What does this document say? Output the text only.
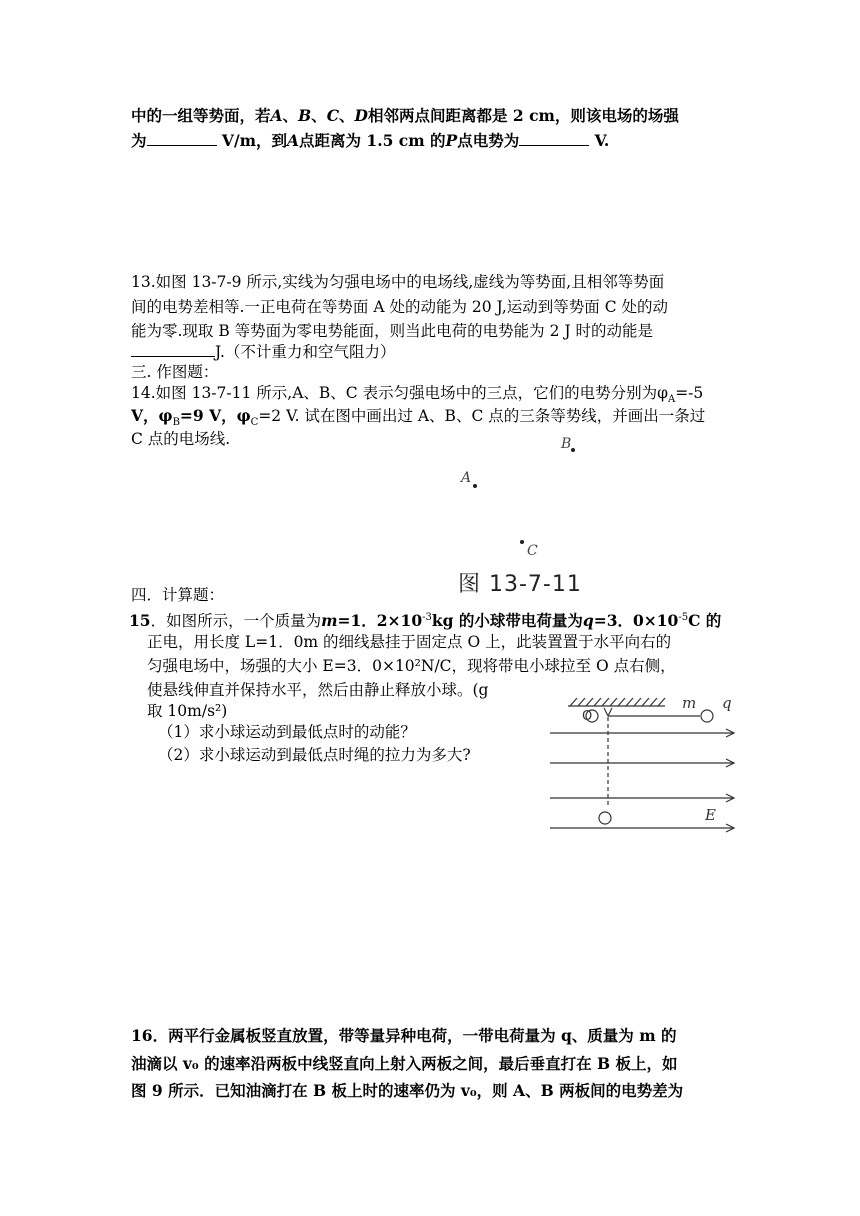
中的一组等势面，若A、B、C、D相邻两点间距离都是 2 cm，则该电场的场强
为	V/m，到A点距离为 1.5 cm 的P点电势为	V.
13.如图 13-7-9 所示,实线为匀强电场中的电场线,虚线为等势面,且相邻等势面
间的电势差相等.一正电荷在等势面 A 处的动能为 20 J,运动到等势面 C 处的动
能为零.现取 B 等势面为零电势能面，则当此电荷的电势能为 2 J 时的动能是
J.（不计重力和空气阻力）
三. 作图题：
14.如图 13-7-11 所示,A、B、C 表示匀强电场中的三点，它们的电势分别为$\varphi_A=-5$
V，$\varphi_B=9$ V，$\varphi_C=2$ V. 试在图中画出过 A、B、C 点的三条等势线，并画出一条过
C 点的电场线.	B
A
C
图 13-7-11
四．计算题：
15．如图所示，一个质量为m=1．$2\times 10^{-3}kg$ 的小球带电荷量为q=3．$0\times 10^{-5}C$ 的
正电，用长度 L=1．0m 的细线悬挂于固定点 O 上，此装置置于水平向右的
匀强电场中，场强的大小 E=3．0×10²N/C，现将带电小球拉至 O 点右侧，
使悬线伸直并保持水平，然后由静止释放小球。(g
取 10m/s²)
（1）求小球运动到最低点时的动能？
（2）求小球运动到最低点时绳的拉力为多大?
O
m q
E
16．两平行金属板竖直放置，带等量异种电荷，一带电荷量为 q、质量为 m 的
油滴以 v₀ 的速率沿两板中线竖直向上射入两板之间，最后垂直打在 B 板上，如
图 9 所示．已知油滴打在 B 板上时的速率仍为 v₀，则 A、B 两板间的电势差为
